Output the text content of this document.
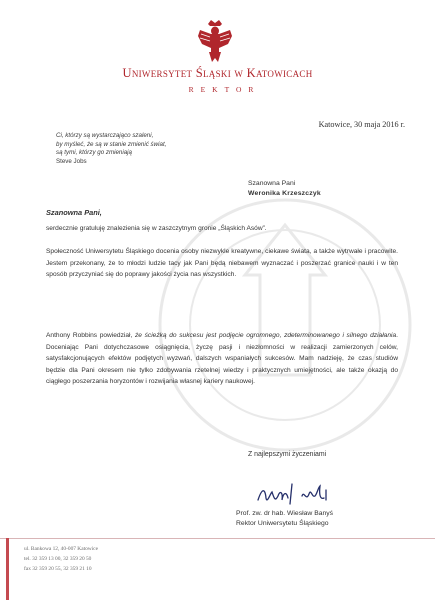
Uniwersytet Śląski w Katowicach
REKTOR
Katowice, 30 maja 2016 r.
Ci, którzy są wystarczająco szaleni,
by myśleć, że są w stanie zmienić świat,
są tymi, którzy go zmieniają
Steve Jobs
Szanowna Pani
Weronika Krzeszczyk
Szanowna Pani,
serdecznie gratuluję znalezienia się w zaszczytnym gronie „Śląskich Asów”.
Społeczność Uniwersytetu Śląskiego docenia osoby niezwykle kreatywne, ciekawe świata, a także wytrwałe i pracowite. Jestem przekonany, że to młodzi ludzie tacy jak Pani będą niebawem wyznaczać i poszerzać granice nauki i w ten sposób przyczyniać się do poprawy jakości życia nas wszystkich.
Anthony Robbins powiedział, że ścieżką do sukcesu jest podjęcie ogromnego, zdeterminowanego i silnego działania. Doceniając Pani dotychczasowe osiągnięcia, życzę pasji i niezłomności w realizacji zamierzonych celów, satysfakcjonujących efektów podjętych wyzwań, dalszych wspaniałych sukcesów. Mam nadzieję, że czas studiów będzie dla Pani okresem nie tylko zdobywania rzetelnej wiedzy i praktycznych umiejętności, ale także okazją do ciągłego poszerzania horyzontów i rozwijania własnej kariery naukowej.
Z najlepszymi życzeniami
Prof. zw. dr hab. Wiesław Banyś
Rektor Uniwersytetu Śląskiego
ul. Bankowa 12, 40-007 Katowice
tel. 32 359 13 00, 32 359 20 50
fax 32 359 20 55, 32 359 21 10
